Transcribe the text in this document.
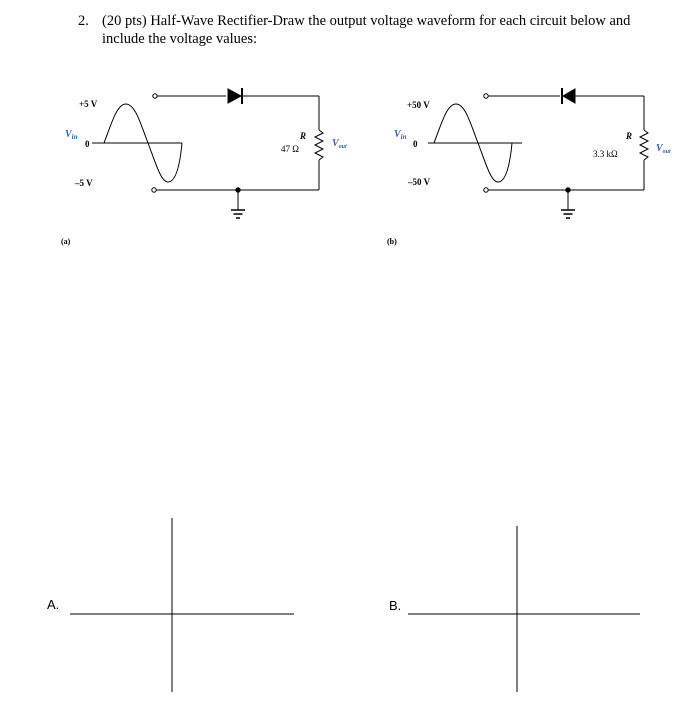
2. (20 pts) Half-Wave Rectifier-Draw the output voltage waveform for each circuit below and include the voltage values:
+5 V
–5 V
$V_{in}$
0
R
47 Ω	$V_{out}$
(a)
+50 V
–50 V
$V_{in}$
0
R
3.3 kΩ	$V_{out}$
(b)
A.	B.
